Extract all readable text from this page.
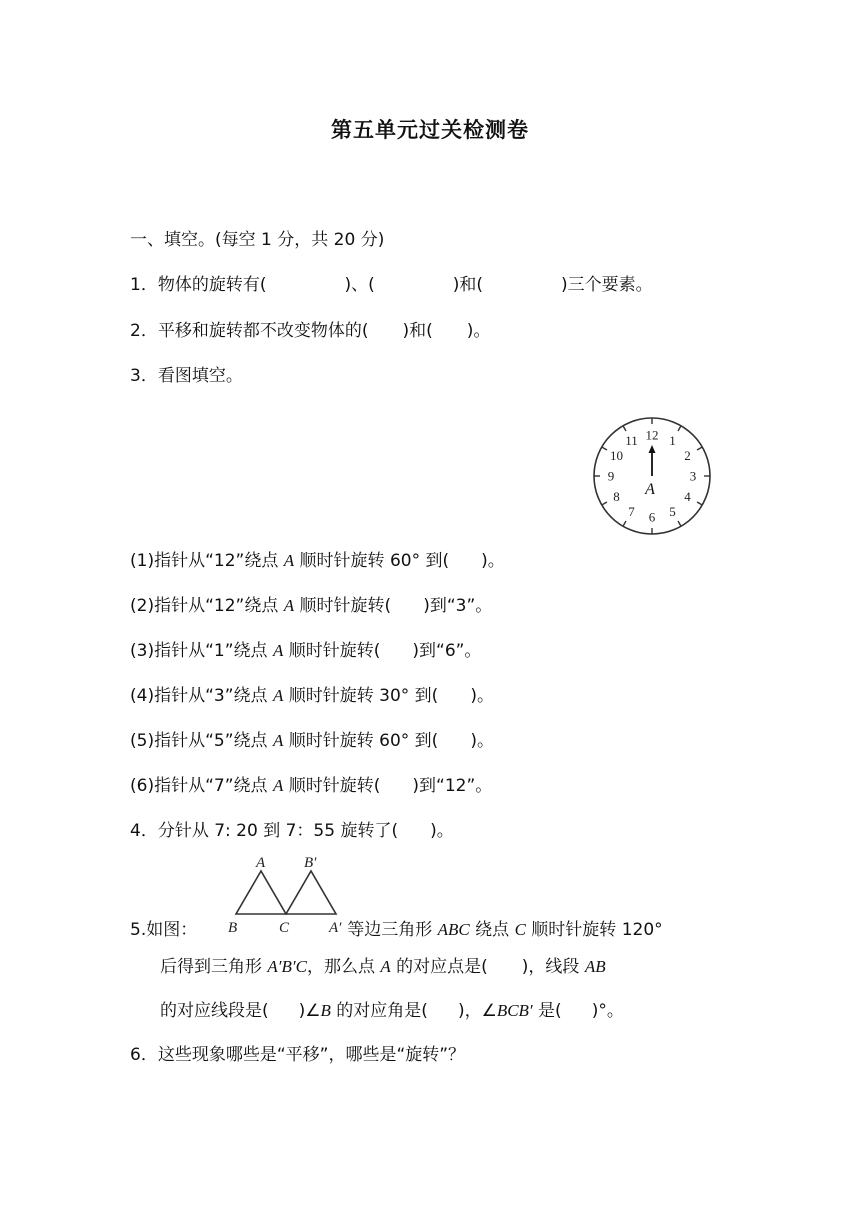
第五单元过关检测卷
一、填空。(每空 1 分，共 20 分)
1．物体的旋转有(	)、(	)和(	)三个要素。
2．平移和旋转都不改变物体的( )和( )。
3．看图填空。
12 1
2
3
4
5
6
7
8
9
10
11
A
(1)指针从“12”绕点 A 顺时针旋转 60° 到( )。
(2)指针从“12”绕点 A 顺时针旋转( )到“3”。
(3)指针从“1”绕点 A 顺时针旋转( )到“6”。
(4)指针从“3”绕点 A 顺时针旋转 30° 到( )。
(5)指针从“5”绕点 A 顺时针旋转 60° 到( )。
(6)指针从“7”绕点 A 顺时针旋转( )到“12”。
4．分针从 7: 20 到 7：55 旋转了( )。
A	B′
B	C	A′
5.如图：	等边三角形 ABC 绕点 C 顺时针旋转 120°
后得到三角形 A′B′C，那么点 A 的对应点是( )，线段 AB
的对应线段是( )∠B 的对应角是( )，∠BCB′ 是( )°。
6．这些现象哪些是“平移”，哪些是“旋转”？
